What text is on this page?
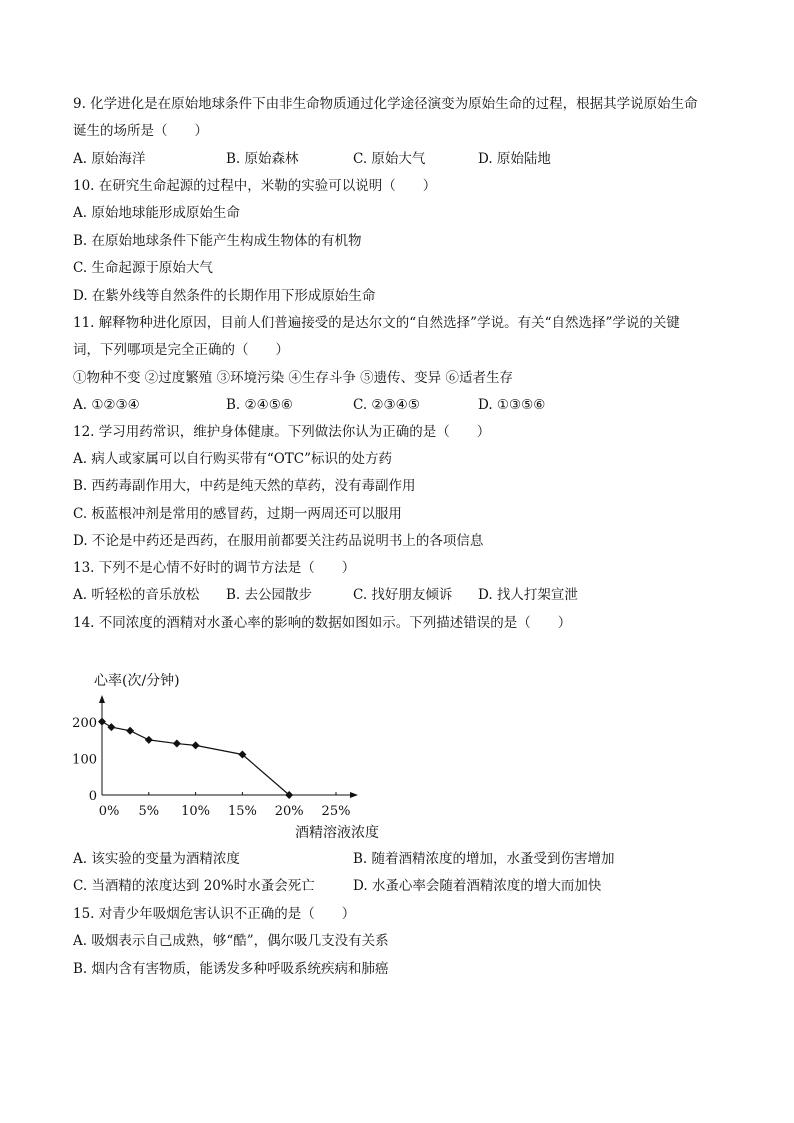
9. 化学进化是在原始地球条件下由非生命物质通过化学途径演变为原始生命的过程，根据其学说原始生命
诞生的场所是（　　）
A. 原始海洋	B. 原始森林	C. 原始大气	D. 原始陆地
10. 在研究生命起源的过程中，米勒的实验可以说明（　　）
A. 原始地球能形成原始生命
B. 在原始地球条件下能产生构成生物体的有机物
C. 生命起源于原始大气
D. 在紫外线等自然条件的长期作用下形成原始生命
11. 解释物种进化原因，目前人们普遍接受的是达尔文的“自然选择”学说。有关“自然选择”学说的关键
词，下列哪项是完全正确的（　　）
①物种不变 ②过度繁殖 ③环境污染 ④生存斗争 ⑤遗传、变异 ⑥适者生存
A. ①②③④	B. ②④⑤⑥	C. ②③④⑤	D. ①③⑤⑥
12. 学习用药常识，维护身体健康。下列做法你认为正确的是（　　）
A. 病人或家属可以自行购买带有“OTC”标识的处方药
B. 西药毒副作用大，中药是纯天然的草药，没有毒副作用
C. 板蓝根冲剂是常用的感冒药，过期一两周还可以服用
D. 不论是中药还是西药，在服用前都要关注药品说明书上的各项信息
13. 下列不是心情不好时的调节方法是（　　）
A. 听轻松的音乐放松 B. 去公园散步	C. 找好朋友倾诉 D. 找人打架宣泄
14. 不同浓度的酒精对水蚤心率的影响的数据如图如示。下列描述错误的是（　　）
心率(次/分钟)
0
100
200
0% 5% 10% 15% 20% 25%
酒精溶液浓度
A. 该实验的变量为酒精浓度	B. 随着酒精浓度的增加，水蚤受到伤害增加
C. 当酒精的浓度达到 20%时水蚤会死亡	D. 水蚤心率会随着酒精浓度的增大而加快
15. 对青少年吸烟危害认识不正确的是（　　）
A. 吸烟表示自己成熟，够“酷”，偶尔吸几支没有关系
B. 烟内含有害物质，能诱发多种呼吸系统疾病和肺癌
